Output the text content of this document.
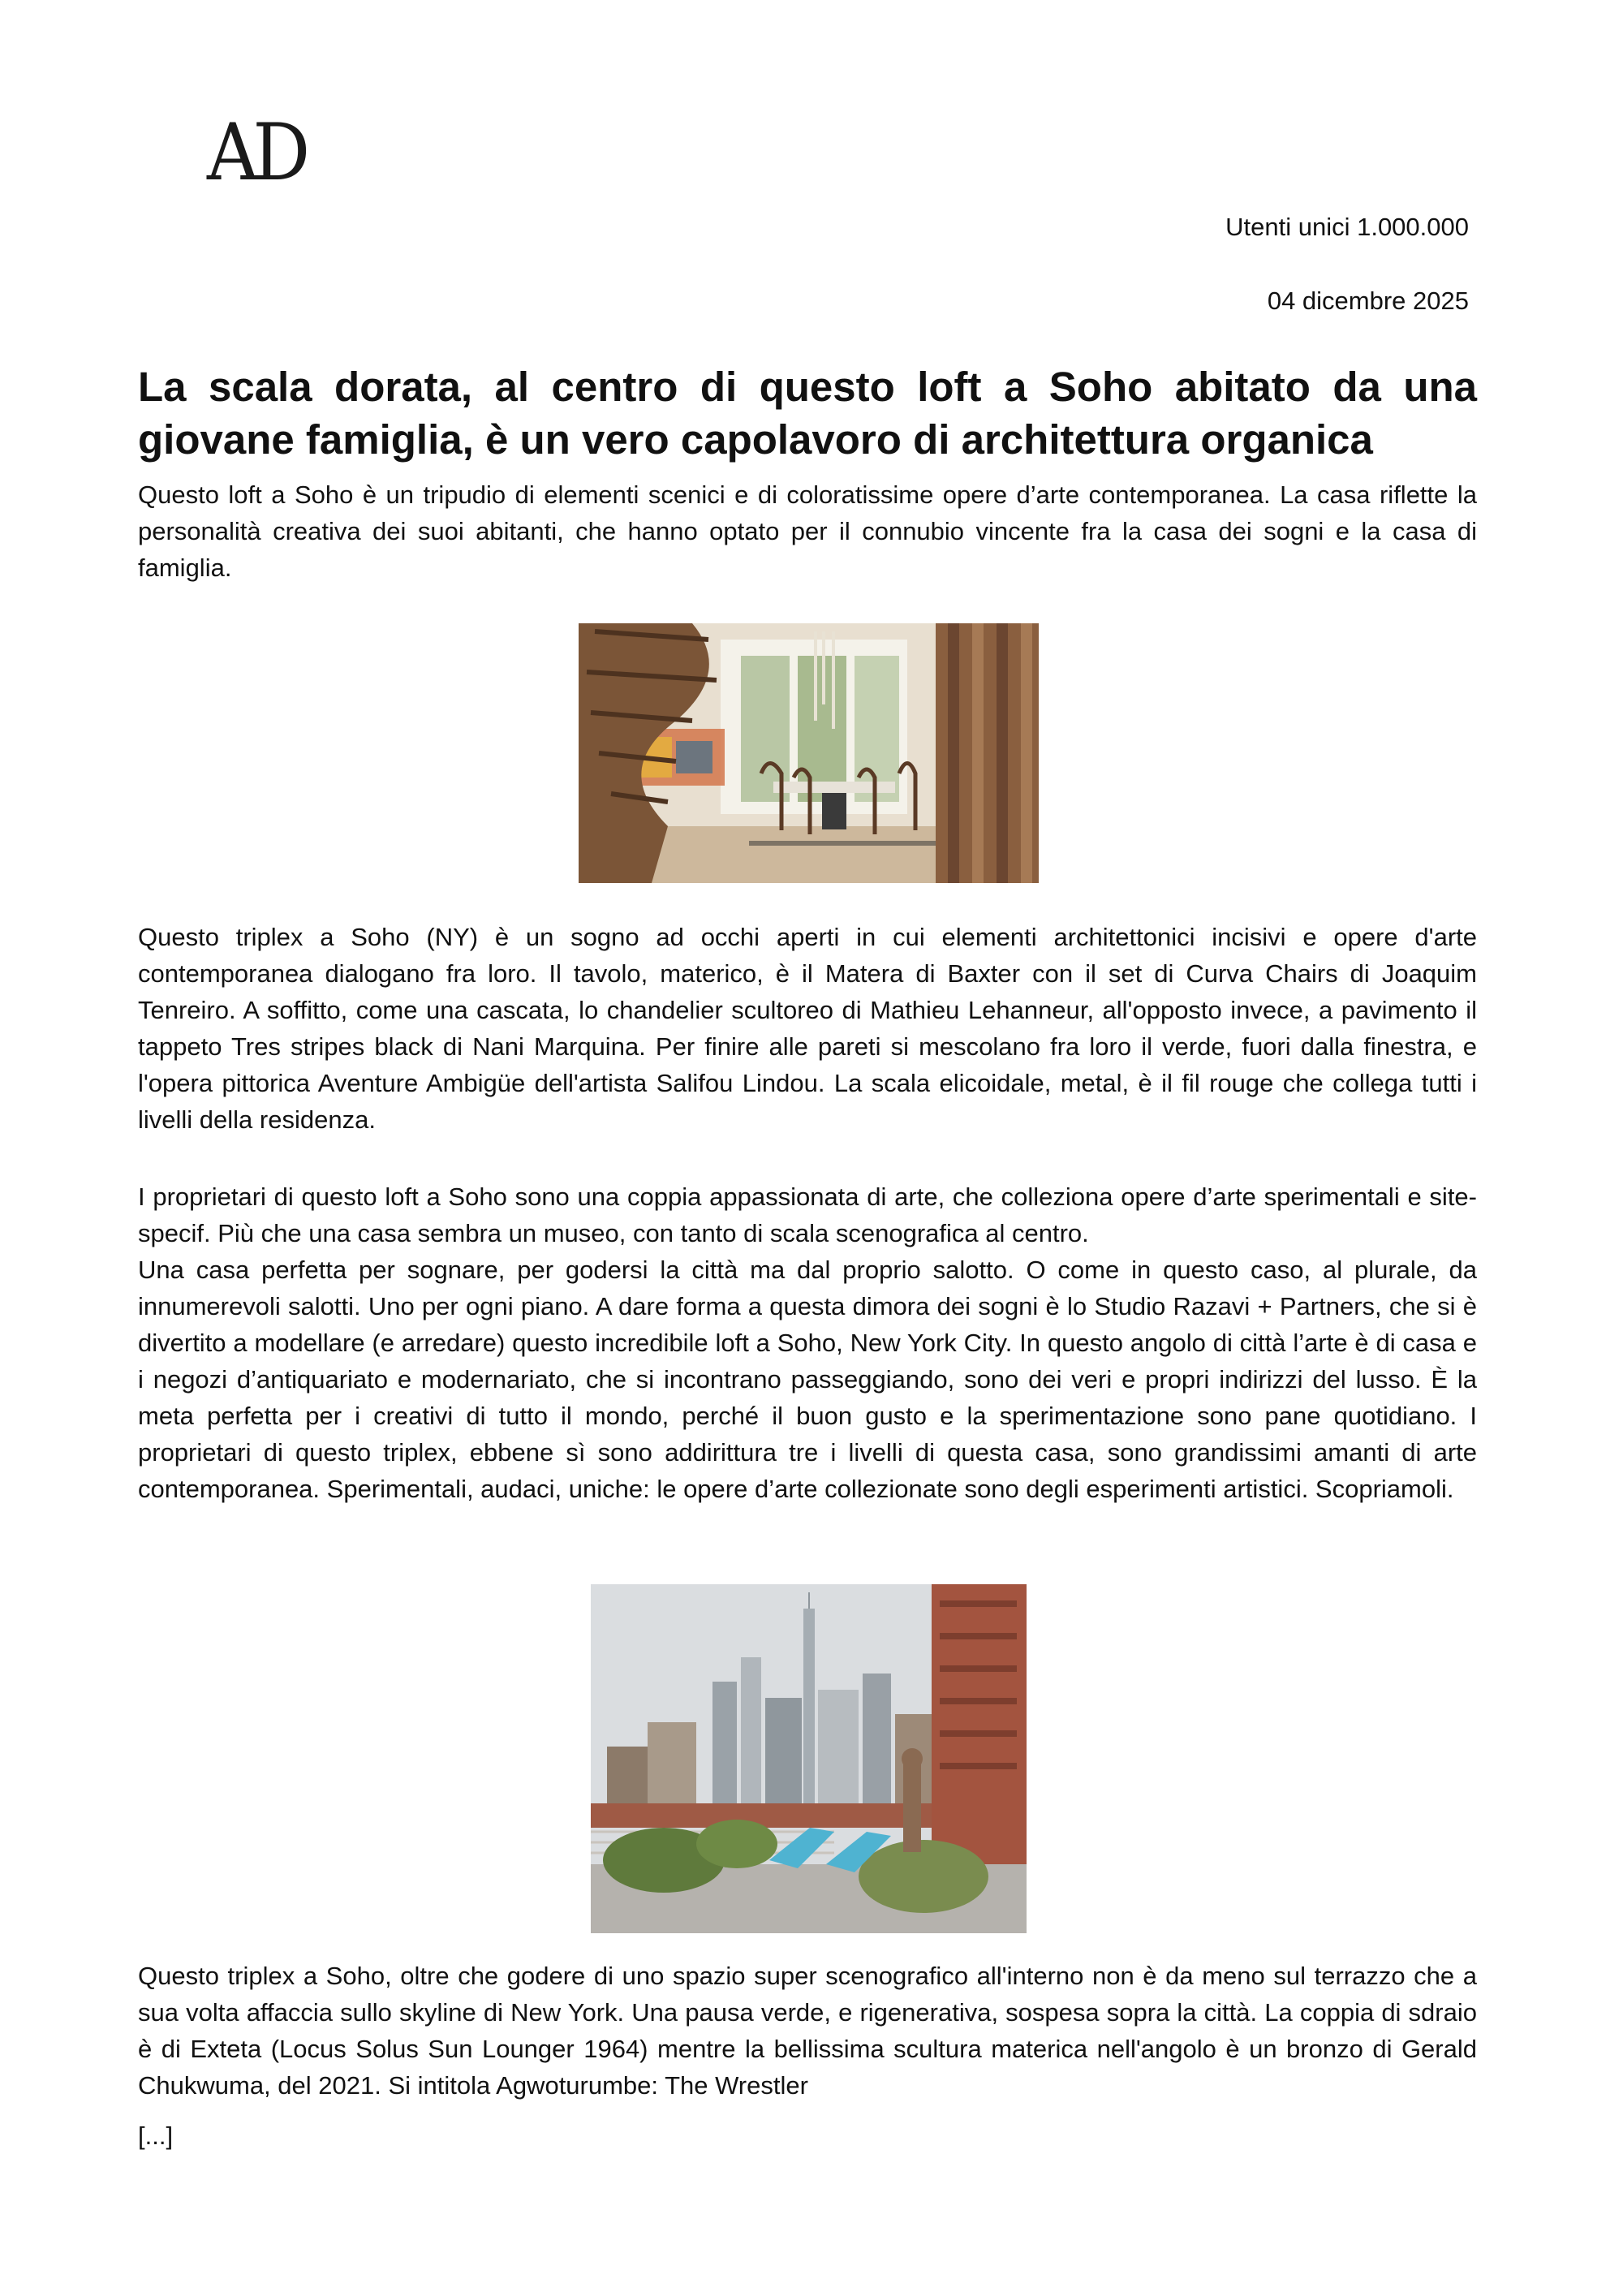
AD
Utenti unici 1.000.000
04 dicembre 2025
La scala dorata, al centro di questo loft a Soho abitato da una giovane famiglia, è un vero capolavoro di architettura organica

Questo loft a Soho è un tripudio di elementi scenici e di coloratissime opere d’arte contemporanea. La casa riflette la personalità creativa dei suoi abitanti, che hanno optato per il connubio vincente fra la casa dei sogni e la casa di famiglia.

Questo triplex a Soho (NY) è un sogno ad occhi aperti in cui elementi architettonici incisivi e opere d'arte contemporanea dialogano fra loro. Il tavolo, materico, è il Matera di Baxter con il set di Curva Chairs di Joaquim Tenreiro. A soffitto, come una cascata, lo chandelier scultoreo di Mathieu Lehanneur, all'opposto invece, a pavimento il tappeto Tres stripes black di Nani Marquina. Per finire alle pareti si mescolano fra loro il verde, fuori dalla finestra, e l'opera pittorica Aventure Ambigüe dell'artista Salifou Lindou. La scala elicoidale, metal, è il fil rouge che collega tutti i livelli della residenza.

I proprietari di questo loft a Soho sono una coppia appassionata di arte, che colleziona opere d’arte sperimentali e site-specif. Più che una casa sembra un museo, con tanto di scala scenografica al centro.
Una casa perfetta per sognare, per godersi la città ma dal proprio salotto. O come in questo caso, al plurale, da innumerevoli salotti. Uno per ogni piano. A dare forma a questa dimora dei sogni è lo Studio Razavi + Partners, che si è divertito a modellare (e arredare) questo incredibile loft a Soho, New York City. In questo angolo di città l’arte è di casa e i negozi d’antiquariato e modernariato, che si incontrano passeggiando, sono dei veri e propri indirizzi del lusso. È la meta perfetta per i creativi di tutto il mondo, perché il buon gusto e la sperimentazione sono pane quotidiano. I proprietari di questo triplex, ebbene sì sono addirittura tre i livelli di questa casa, sono grandissimi amanti di arte contemporanea. Sperimentali, audaci, uniche: le opere d’arte collezionate sono degli esperimenti artistici. Scopriamoli.

Questo triplex a Soho, oltre che godere di uno spazio super scenografico all'interno non è da meno sul terrazzo che a sua volta affaccia sullo skyline di New York. Una pausa verde, e rigenerativa, sospesa sopra la città. La coppia di sdraio è di Exteta (Locus Solus Sun Lounger 1964) mentre la bellissima scultura materica nell'angolo è un bronzo di Gerald Chukwuma, del 2021. Si intitola Agwoturumbe: The Wrestler

[...]
